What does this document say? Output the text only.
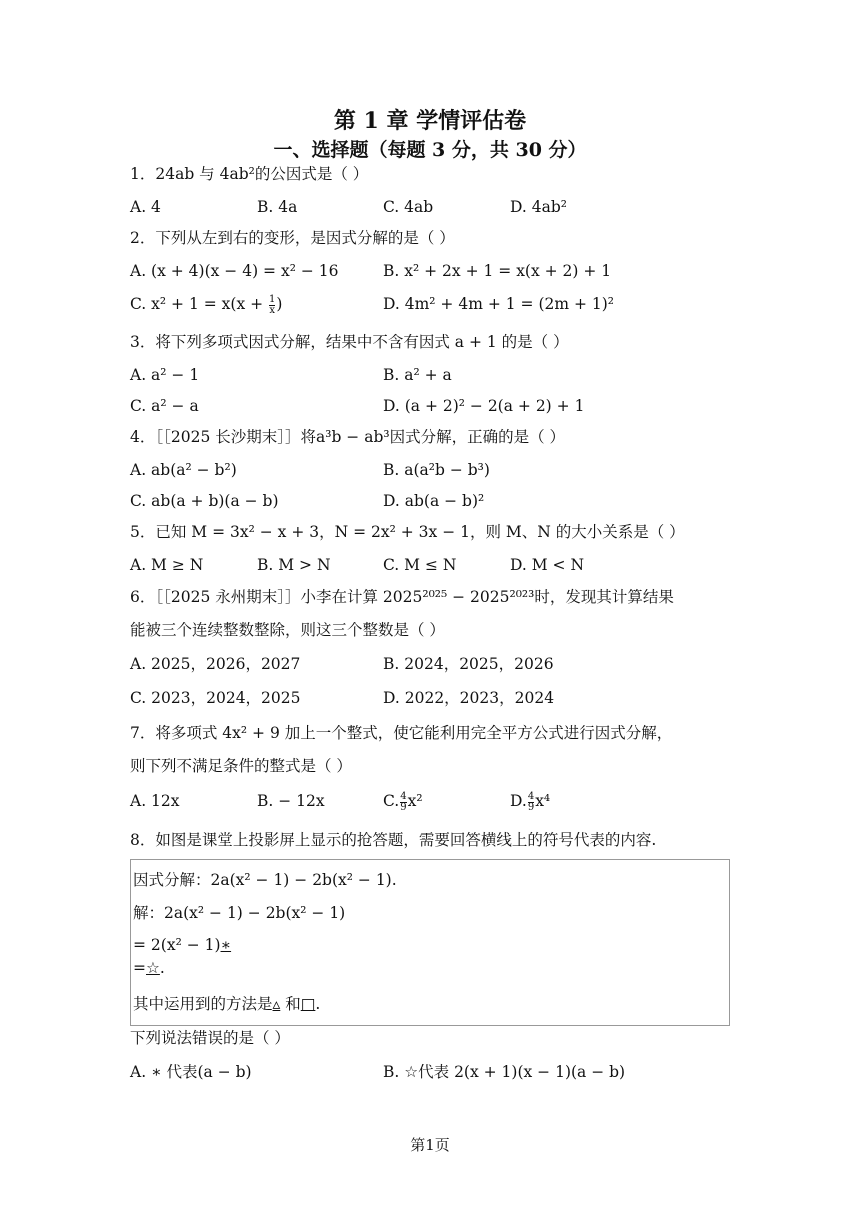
第 1 章 学情评估卷
一、选择题（每题 3 分，共 30 分）
1．24ab 与 4ab²的公因式是（ ）
A. 4	B. 4a	C. 4ab	D. 4ab²
2．下列从左到右的变形，是因式分解的是（ ）
A. (x + 4)(x − 4) = x² − 16	B. x² + 2x + 1 = x(x + 2) + 1
C. $x^2 + 1 = x(x + \frac{1}{x}$ )	D. 4m² + 4m + 1 = (2m + 1)²
3．将下列多项式因式分解，结果中不含有因式 a + 1 的是（ ）
A. a² − 1	B. a² + a
C. a² − a	D. (a + 2)² − 2(a + 2) + 1
4．［［2025 长沙期末］］将a³b − ab³因式分解，正确的是（ ）
A. ab(a² − b²)	B. a(a²b − b³)
C. ab(a + b)(a − b)	D. ab(a − b)²
5．已知 M = 3x² − x + 3，N = 2x² + 3x − 1，则 M、N 的大小关系是（ ）
A. M ≥ N	B. M > N	C. M ≤ N	D. M < N
6．［［2025 永州期末］］小李在计算 2025²⁰²⁵ − 2025²⁰²³时，发现其计算结果
能被三个连续整数整除，则这三个整数是（ ）
A. 2025，2026，2027	B. 2024，2025，2026
C. 2023，2024，2025	D. 2022，2023，2024
7．将多项式 4x² + 9 加上一个整式，使它能利用完全平方公式进行因式分解，
则下列不满足条件的整式是（ ）
A. 12x	B. − 12x	C. $\frac{4}{9} x^2$	D. $\frac{4}{9} x^4$
8．如图是课堂上投影屏上显示的抢答题，需要回答横线上的符号代表的内容.
因式分解：2a(x² − 1) − 2b(x² − 1).
解：2a(x² − 1) − 2b(x² − 1)
= 2(x² − 1)∗
=☆.
其中运用到的方法是▵ 和□.
下列说法错误的是（ ）
A. ∗ 代表(a − b)	B. ☆代表 2(x + 1)(x − 1)(a − b)
第1页
